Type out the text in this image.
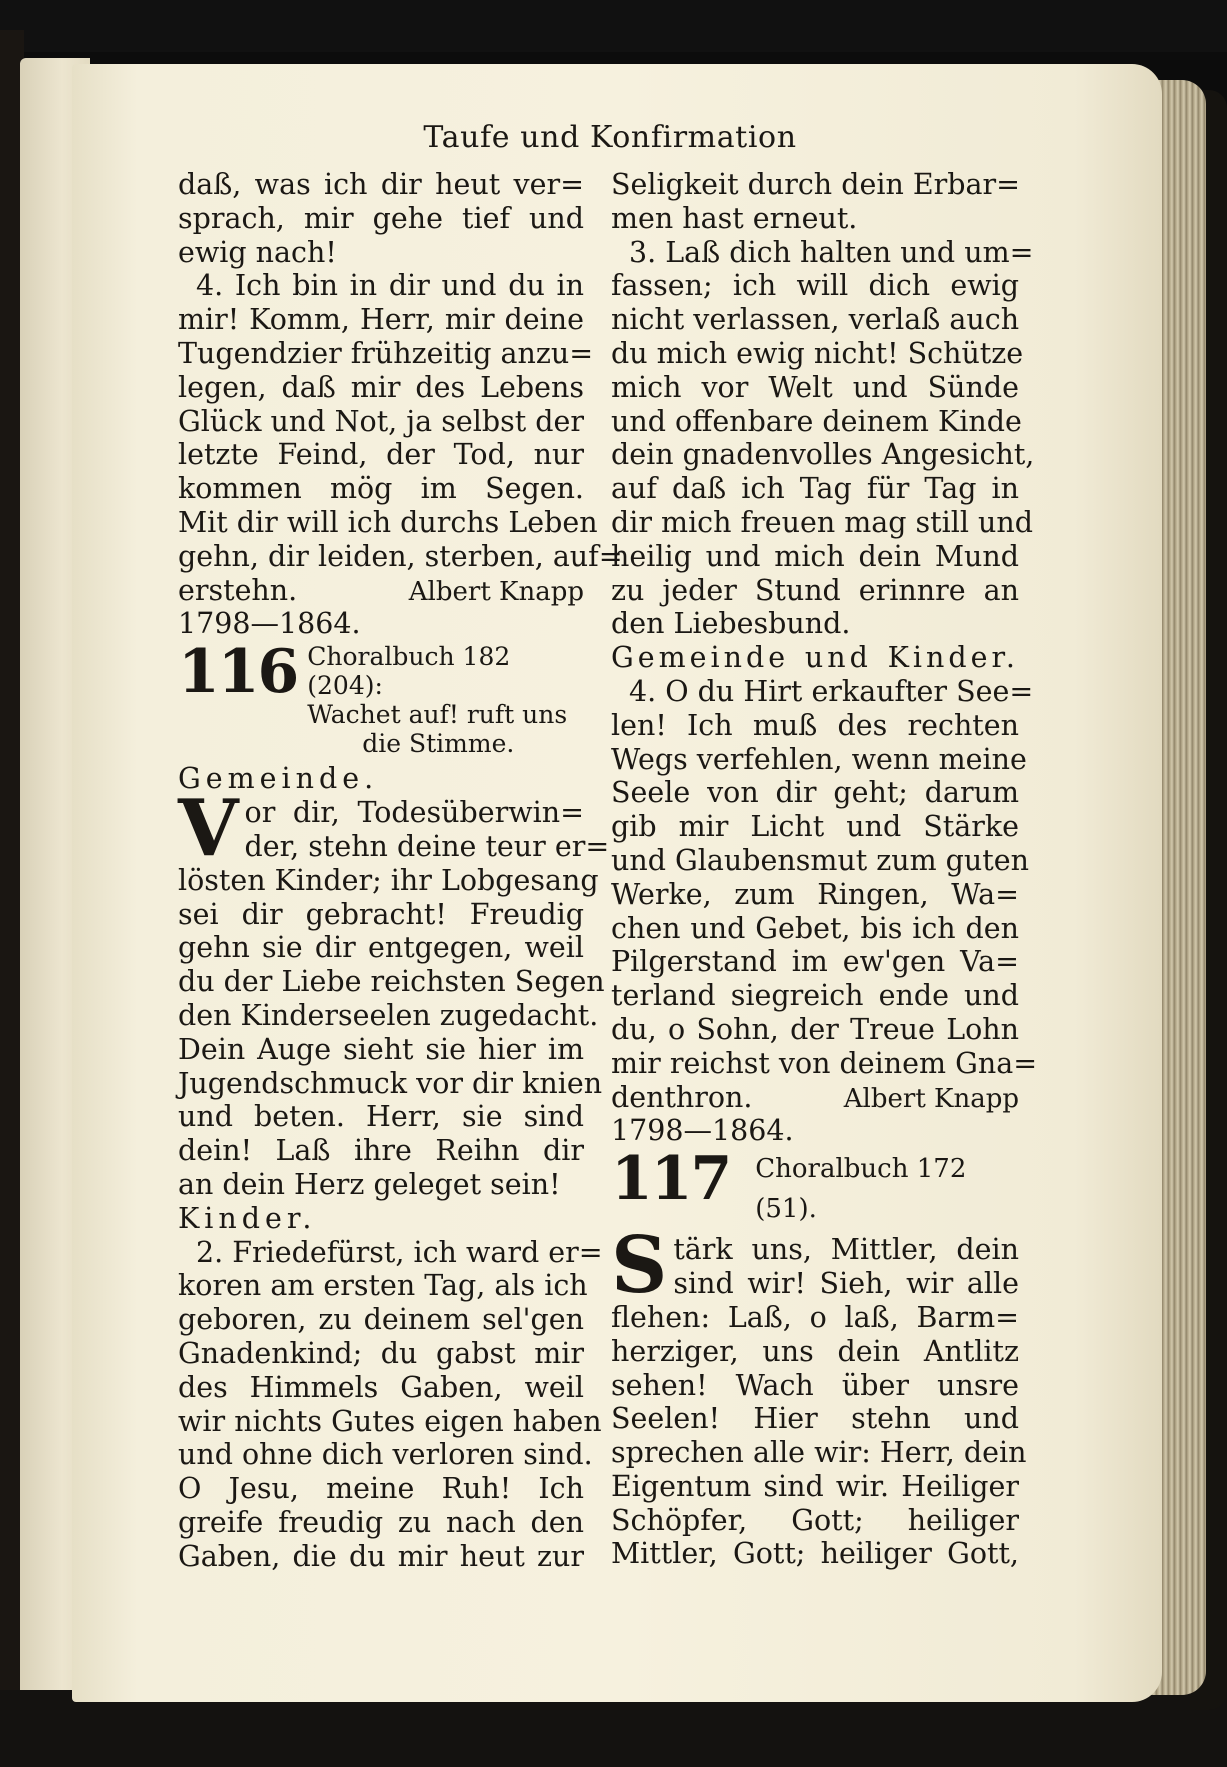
Taufe und Konfirmation

daß, was ich dir heut ver=

sprach, mir gehe tief und

ewig nach!

4. Ich bin in dir und du in

mir! Komm, Herr, mir deine

Tugendzier frühzeitig anzu=

legen, daß mir des Lebens

Glück und Not, ja selbst der

letzte Feind, der Tod, nur

kommen mög im Segen.

Mit dir will ich durchs Leben

gehn, dir leiden, sterben, auf=

erstehn.	Albert Knapp

1798—1864.

116 Choralbuch 182 (204):
Wachet auf! ruft uns
die Stimme.

Gemeinde.

V or dir, Todesüberwin=

der, stehn deine teur er=

lösten Kinder; ihr Lobgesang

sei dir gebracht! Freudig

gehn sie dir entgegen, weil

du der Liebe reichsten Segen

den Kinderseelen zugedacht.

Dein Auge sieht sie hier im

Jugendschmuck vor dir knien

und beten. Herr, sie sind

dein! Laß ihre Reihn dir

an dein Herz geleget sein!

Kinder.

2. Friedefürst, ich ward er=

koren am ersten Tag, als ich

geboren, zu deinem sel'gen

Gnadenkind; du gabst mir

des Himmels Gaben, weil

wir nichts Gutes eigen haben

und ohne dich verloren sind.

O Jesu, meine Ruh! Ich

greife freudig zu nach den

Gaben, die du mir heut zur

Seligkeit durch dein Erbar=

men hast erneut.

3. Laß dich halten und um=

fassen; ich will dich ewig

nicht verlassen, verlaß auch

du mich ewig nicht! Schütze

mich vor Welt und Sünde

und offenbare deinem Kinde

dein gnadenvolles Angesicht,

auf daß ich Tag für Tag in

dir mich freuen mag still und

heilig und mich dein Mund

zu jeder Stund erinnre an

den Liebesbund.

Gemeinde und Kinder.

4. O du Hirt erkaufter See=

len! Ich muß des rechten

Wegs verfehlen, wenn meine

Seele von dir geht; darum

gib mir Licht und Stärke

und Glaubensmut zum guten

Werke, zum Ringen, Wa=

chen und Gebet, bis ich den

Pilgerstand im ew'gen Va=

terland siegreich ende und

du, o Sohn, der Treue Lohn

mir reichst von deinem Gna=

denthron.	Albert Knapp

1798—1864.

117 Choralbuch 172 (51).
S tärk uns, Mittler, dein

sind wir! Sieh, wir alle

flehen: Laß, o laß, Barm=

herziger, uns dein Antlitz

sehen! Wach über unsre

Seelen! Hier stehn und

sprechen alle wir: Herr, dein

Eigentum sind wir. Heiliger

Schöpfer, Gott; heiliger

Mittler, Gott; heiliger Gott,
